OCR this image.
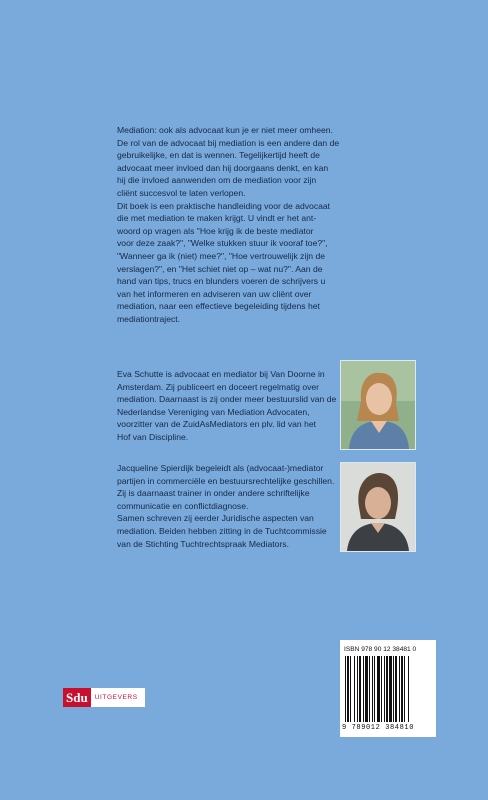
Mediation: ook als advocaat kun je er niet meer omheen.
De rol van de advocaat bij mediation is een andere dan de
gebruikelijke, en dat is wennen. Tegelijkertijd heeft de
advocaat meer invloed dan hij doorgaans denkt, en kan
hij die invloed aanwenden om de mediation voor zijn
cliënt succesvol te laten verlopen.
Dit boek is een praktische handleiding voor de advocaat
die met mediation te maken krijgt. U vindt er het ant-
woord op vragen als "Hoe krijg ik de beste mediator
voor deze zaak?", "Welke stukken stuur ik vooraf toe?",
"Wanneer ga ik (niet) mee?", "Hoe vertrouwelijk zijn de
verslagen?", en "Het schiet niet op – wat nu?". Aan de
hand van tips, trucs en blunders voeren de schrijvers u
van het informeren en adviseren van uw cliënt over
mediation, naar een effectieve begeleiding tijdens het
mediationtraject.
Eva Schutte is advocaat en mediator bij Van Doorne in
Amsterdam. Zij publiceert en doceert regelmatig over
mediation. Daarnaast is zij onder meer bestuurslid van de
Nederlandse Vereniging van Mediation Advocaten,
voorzitter van de ZuidAsMediators en plv. lid van het
Hof van Discipline.
Jacqueline Spierdijk begeleidt als (advocaat-)mediator
partijen in commerciële en bestuursrechtelijke geschillen.
Zij is daarnaast trainer in onder andere schriftelijke
communicatie en conflictdiagnose.
Samen schreven zij eerder Juridische aspecten van
mediation. Beiden hebben zitting in de Tuchtcommissie
van de Stichting Tuchtrechtspraak Mediators.
ISBN 978 90 12 38481 0
9 789012 384810
Sdu	UITGEVERS
